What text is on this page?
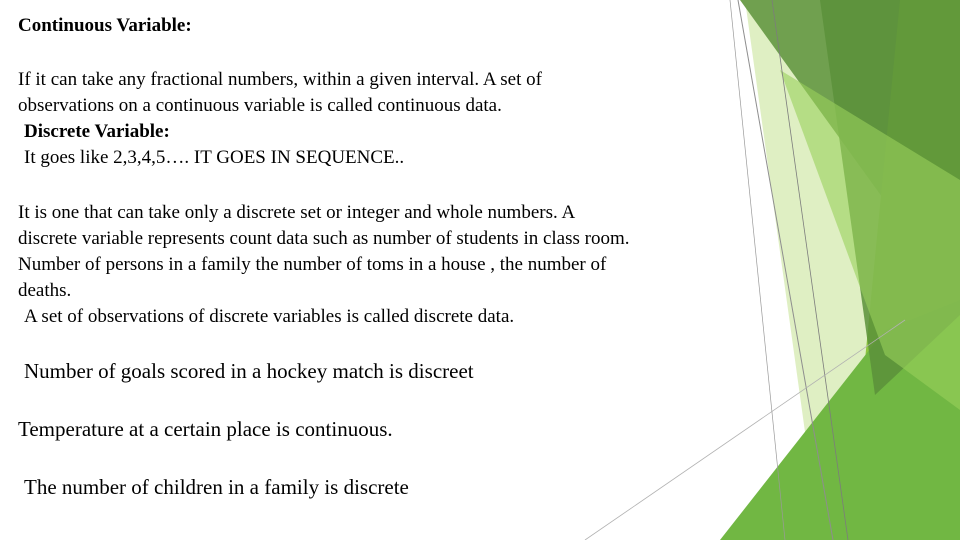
Continuous Variable:
If it can take any fractional numbers, within a given interval. A set of
observations on a continuous variable is called continuous data.
Discrete Variable:
It goes like 2,3,4,5…. IT GOES IN SEQUENCE..
It is one that can take only a discrete set or integer and whole numbers. A
discrete variable represents count data such as number of students in class room.
Number of persons in a family the number of toms in a house , the number of
deaths.
A set of observations of discrete variables is called discrete data.
Number of goals scored in a hockey match is discreet
Temperature at a certain place is continuous.
The number of children in a family is discrete
